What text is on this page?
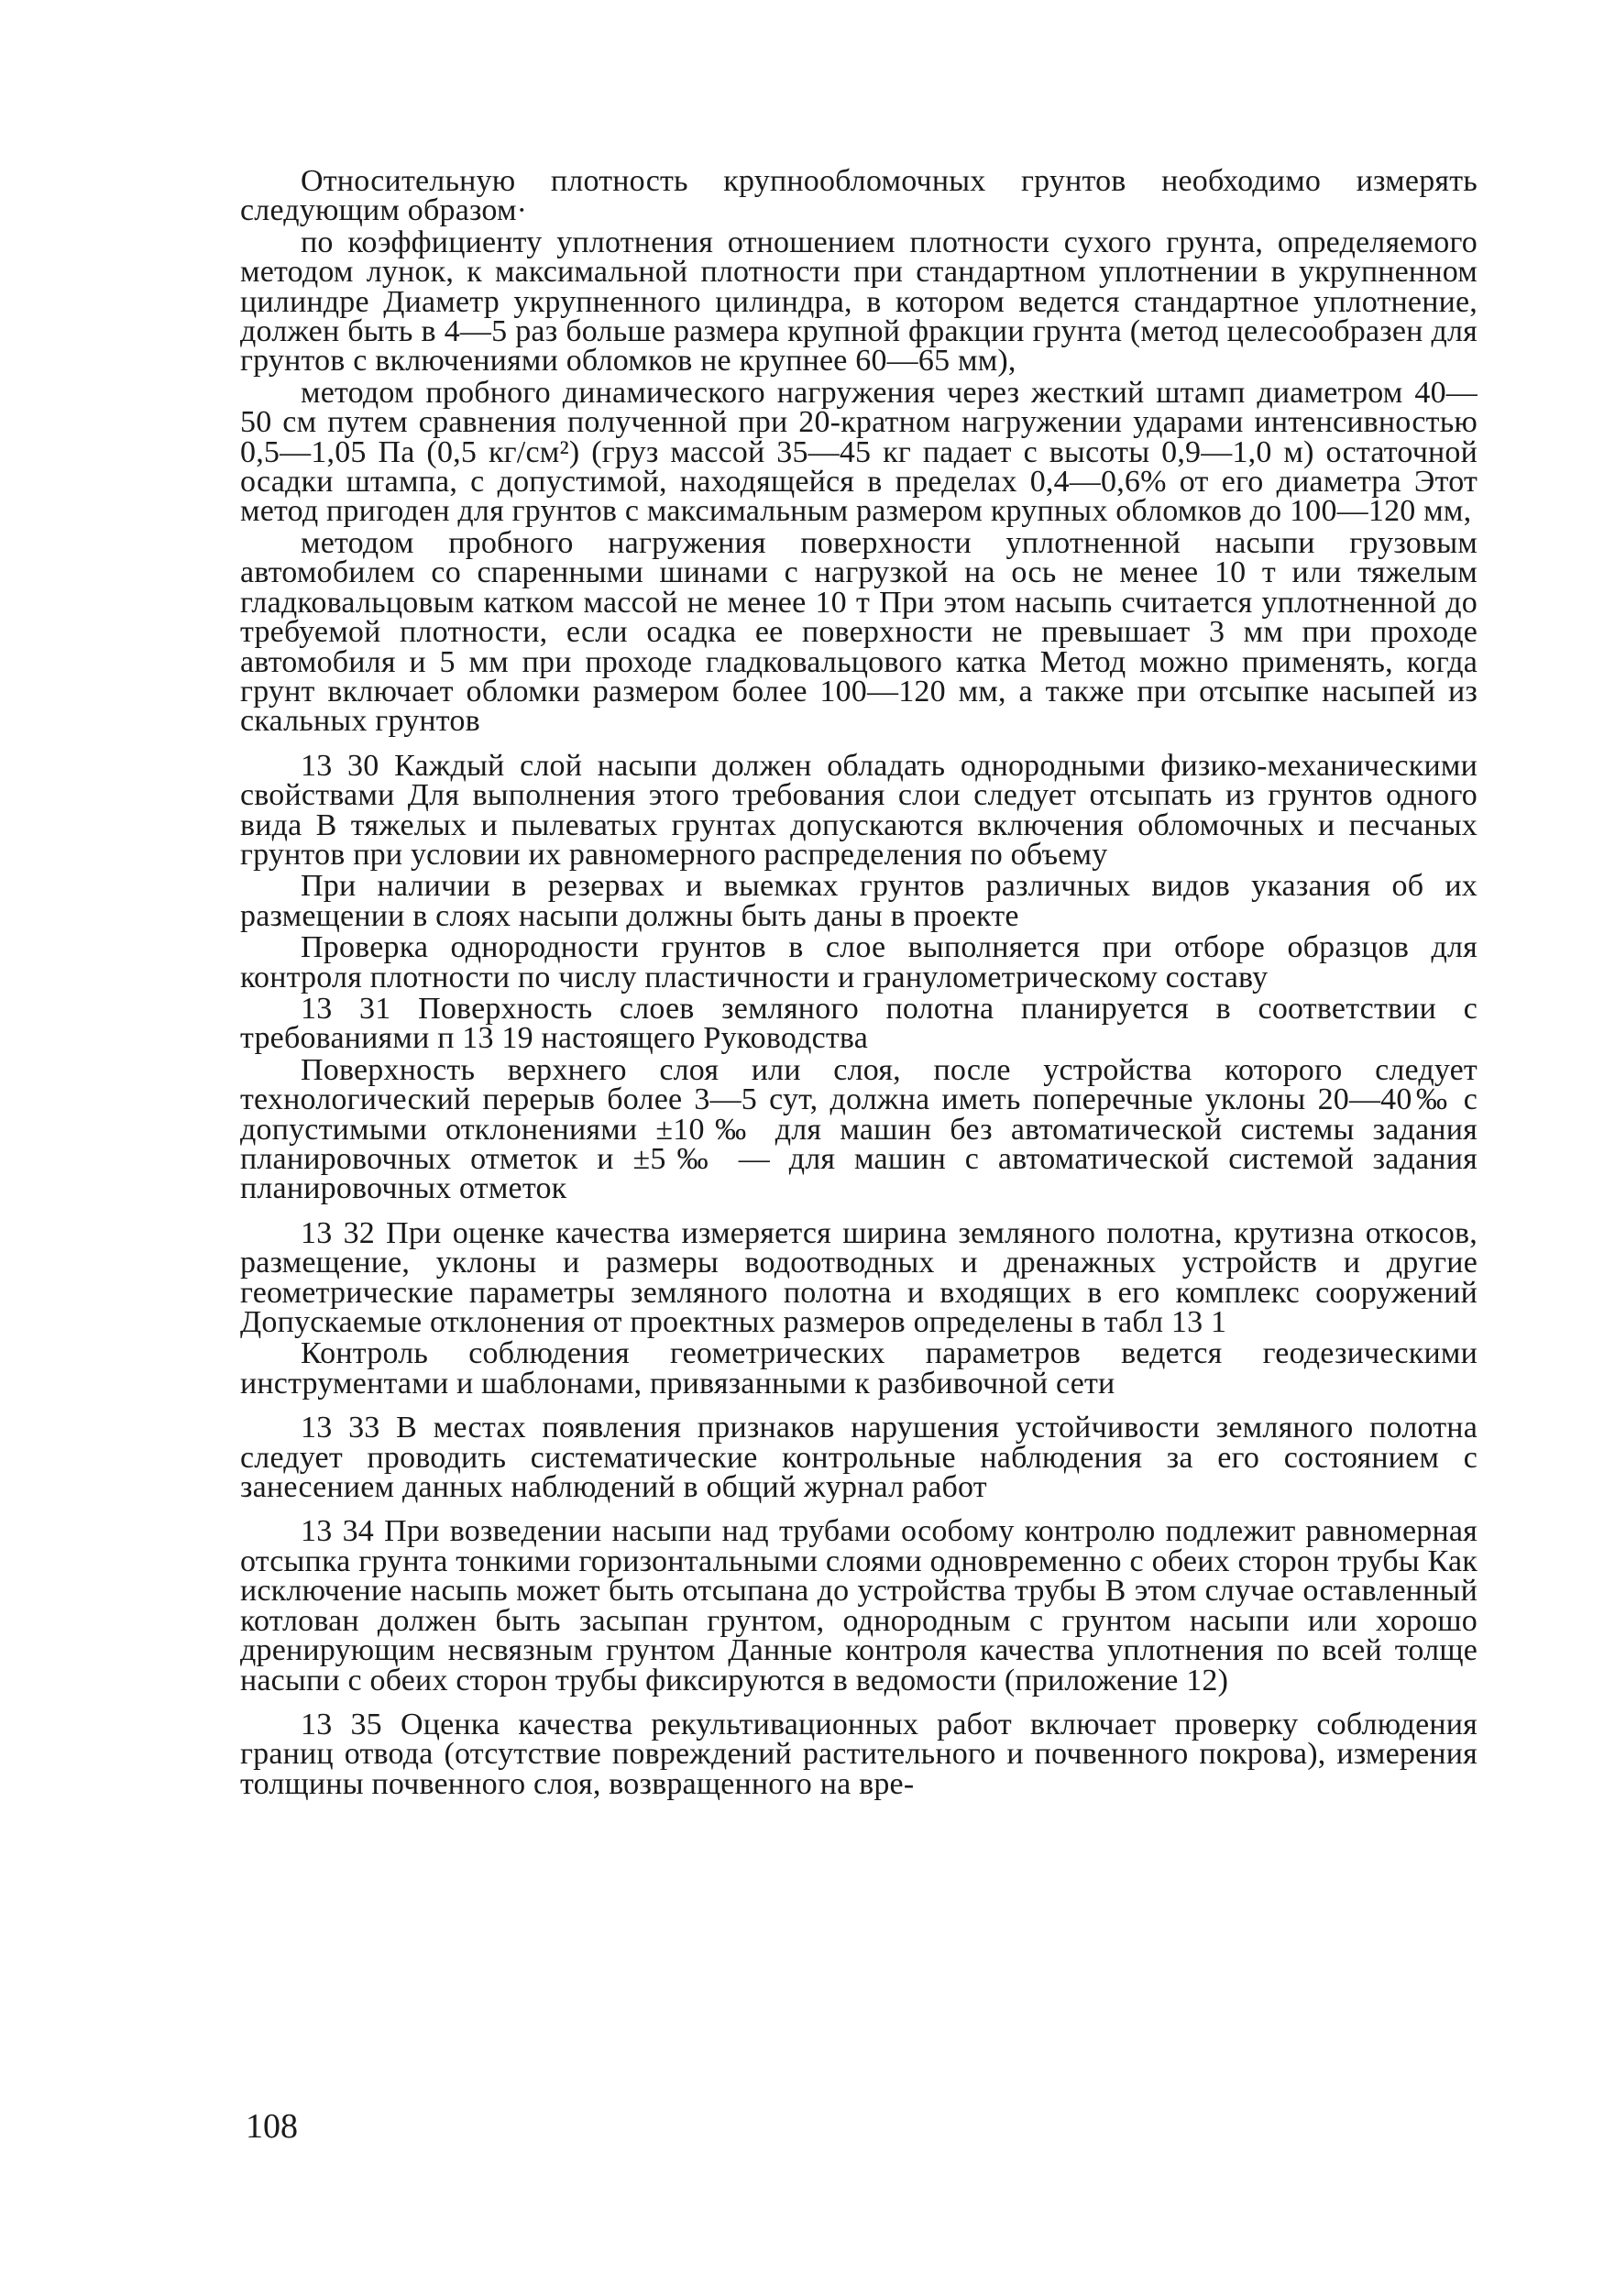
Относительную плотность крупнообломочных грунтов необходимо измерять следующим образом·

по коэффициенту уплотнения отношением плотности сухого грунта, определяемого методом лунок, к максимальной плотности при стандартном уплотнении в укрупненном цилиндре Диаметр укрупненного цилиндра, в котором ведется стандартное уплотнение, должен быть в 4—5 раз больше размера крупной фракции грунта (метод целесообразен для грунтов с включениями обломков не крупнее 60—65 мм),

методом пробного динамического нагружения через жесткий штамп диаметром 40—50 см путем сравнения полученной при 20-кратном нагружении ударами интенсивностью 0,5—1,05 Па (0,5 кг/см²) (груз массой 35—45 кг падает с высоты 0,9—1,0 м) остаточной осадки штампа, с допустимой, находящейся в пределах 0,4—0,6% от его диаметра Этот метод пригоден для грунтов с максимальным размером крупных обломков до 100—120 мм,

методом пробного нагружения поверхности уплотненной насыпи грузовым автомобилем со спаренными шинами с нагрузкой на ось не менее 10 т или тяжелым гладковальцовым катком массой не менее 10 т При этом насыпь считается уплотненной до требуемой плотности, если осадка ее поверхности не превышает 3 мм при проходе автомобиля и 5 мм при проходе гладковальцового катка Метод можно применять, когда грунт включает обломки размером более 100—120 мм, а также при отсыпке насыпей из скальных грунтов

13 30 Каждый слой насыпи должен обладать однородными физико-механическими свойствами Для выполнения этого требования слои следует отсыпать из грунтов одного вида В тяжелых и пылеватых грунтах допускаются включения обломочных и песчаных грунтов при условии их равномерного распределения по объему

При наличии в резервах и выемках грунтов различных видов указания об их размещении в слоях насыпи должны быть даны в проекте

Проверка однородности грунтов в слое выполняется при отборе образцов для контроля плотности по числу пластичности и гранулометрическому составу

13 31 Поверхность слоев земляного полотна планируется в соответствии с требованиями п 13 19 настоящего Руководства

Поверхность верхнего слоя или слоя, после устройства которого следует технологический перерыв более 3—5 сут, должна иметь поперечные уклоны 20—40‰ с допустимыми отклонениями ±10‰ для машин без автоматической системы задания планировочных отметок и ±5‰ — для машин с автоматической системой задания планировочных отметок

13 32 При оценке качества измеряется ширина земляного полотна, крутизна откосов, размещение, уклоны и размеры водоотводных и дренажных устройств и другие геометрические параметры земляного полотна и входящих в его комплекс сооружений Допускаемые отклонения от проектных размеров определены в табл 13 1

Контроль соблюдения геометрических параметров ведется геодезическими инструментами и шаблонами, привязанными к разбивочной сети

13 33 В местах появления признаков нарушения устойчивости земляного полотна следует проводить систематические контрольные наблюдения за его состоянием с занесением данных наблюдений в общий журнал работ

13 34 При возведении насыпи над трубами особому контролю подлежит равномерная отсыпка грунта тонкими горизонтальными слоями одновременно с обеих сторон трубы Как исключение насыпь может быть отсыпана до устройства трубы В этом случае оставленный котлован должен быть засыпан грунтом, однородным с грунтом насыпи или хорошо дренирующим несвязным грунтом Данные контроля качества уплотнения по всей толще насыпи с обеих сторон трубы фиксируются в ведомости (приложение 12)

13 35 Оценка качества рекультивационных работ включает проверку соблюдения границ отвода (отсутствие повреждений растительного и почвенного покрова), измерения толщины почвенного слоя, возвращенного на вре-

108
